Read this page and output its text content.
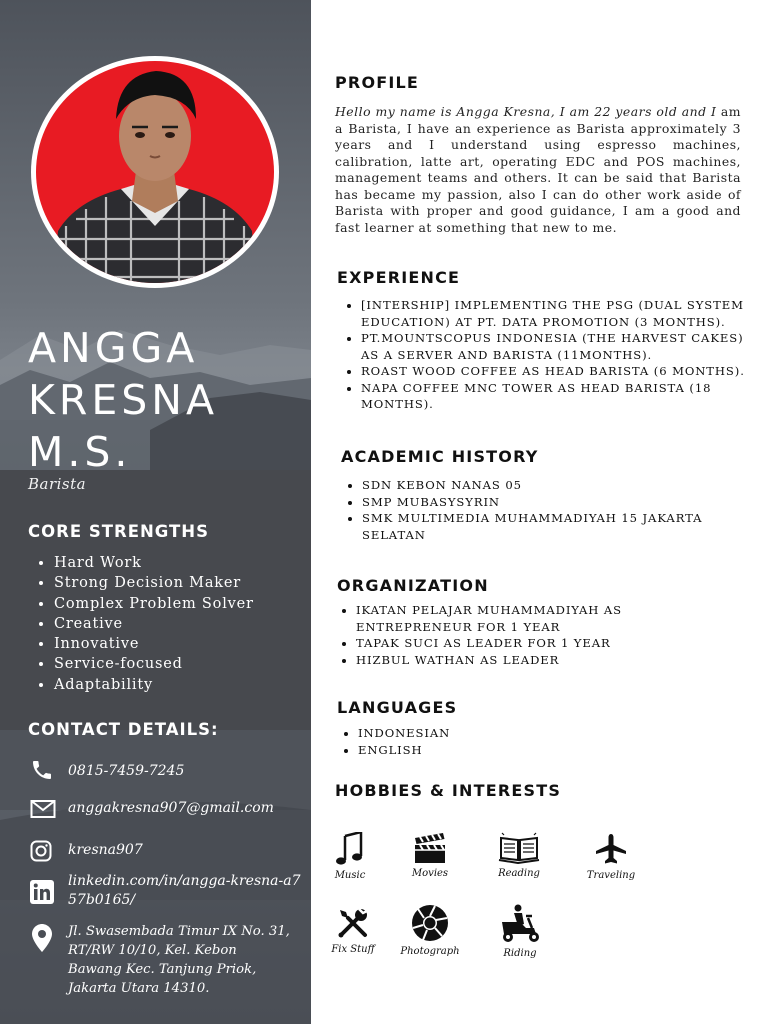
ANGGA
KRESNA
M.S.
Barista
CORE STRENGTHS
• Hard Work
• Strong Decision Maker
• Complex Problem Solver
• Creative
• Innovative
• Service-focused
• Adaptability
CONTACT DETAILS:
0815-7459-7245
anggakresna907@gmail.com
kresna907
linkedin.com/in/angga-kresna-a757b0165/
Jl. Swasembada Timur IX No. 31, RT/RW 10/10, Kel. Kebon Bawang Kec. Tanjung Priok, Jakarta Utara 14310.
PROFILE

Hello my name is Angga Kresna, I am 22 years old and I am a Barista, I have an experience as Barista approximately 3 years and I understand using espresso machines, calibration, latte art, operating EDC and POS machines, management teams and others. It can be said that Barista has became my passion, also I can do other work aside of Barista with proper and good guidance, I am a good and fast learner at something that new to me.

EXPERIENCE
• [INTERSHIP] IMPLEMENTING THE PSG (DUAL SYSTEM EDUCATION) AT PT. DATA PROMOTION (3 MONTHS).
• PT.MOUNTSCOPUS INDONESIA (THE HARVEST CAKES) AS A SERVER AND BARISTA (11MONTHS).
• ROAST WOOD COFFEE AS HEAD BARISTA (6 MONTHS).
• NAPA COFFEE MNC TOWER AS HEAD BARISTA (18 MONTHS).
ACADEMIC HISTORY
• SDN KEBON NANAS 05
• SMP MUBASYSYRIN
• SMK MULTIMEDIA MUHAMMADIYAH 15 JAKARTA SELATAN
ORGANIZATION
• IKATAN PELAJAR MUHAMMADIYAH AS ENTREPRENEUR FOR 1 YEAR
• TAPAK SUCI AS LEADER FOR 1 YEAR
• HIZBUL WATHAN AS LEADER
LANGUAGES
• INDONESIAN
• ENGLISH
HOBBIES & INTERESTS
Music	Movies	Reading	Traveling
Fix Stuff	Photograph	Riding
